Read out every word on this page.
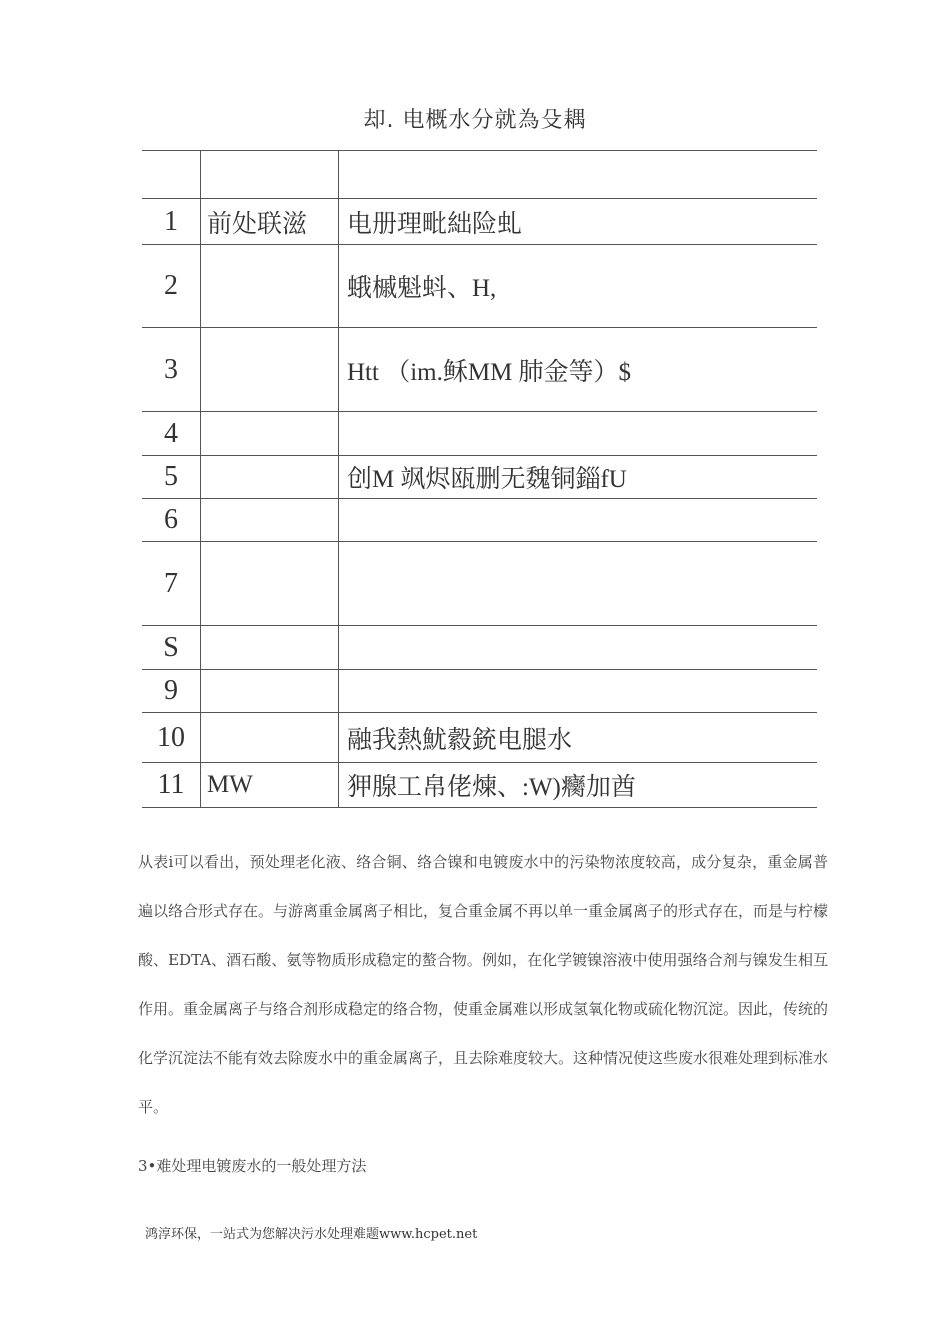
却. 电概水分就為殳耦

1	前处联滋	电册理毗絀险虬
2		蛾槭魁蚪、H,
3		Htt （im.稣MM 肺金等）$
4		
5		创M 飒烬瓯删无魏铜錙fU
6		
7		
S		
9		
10		融我熱魷縠銃电腿水
11	MW	狎腺工帛佬煉、:W)癵加酋
从表i可以看出，预处理老化液、络合铜、络合镍和电镀废水中的污染物浓度较高，成分复杂，重金属普遍以络合形式存在。与游离重金属离子相比，复合重金属不再以单一重金属离子的形式存在，而是与柠檬酸、EDTA、酒石酸、氨等物质形成稳定的螯合物。例如，在化学镀镍溶液中使用强络合剂与镍发生相互作用。重金属离子与络合剂形成稳定的络合物，使重金属难以形成氢氧化物或硫化物沉淀。因此，传统的化学沉淀法不能有效去除废水中的重金属离子，且去除难度较大。这种情况使这些废水很难处理到标准水平。
3•难处理电镀废水的一般处理方法
鸿淳环保，一站式为您解决污水处理难题www.hcpet.net
